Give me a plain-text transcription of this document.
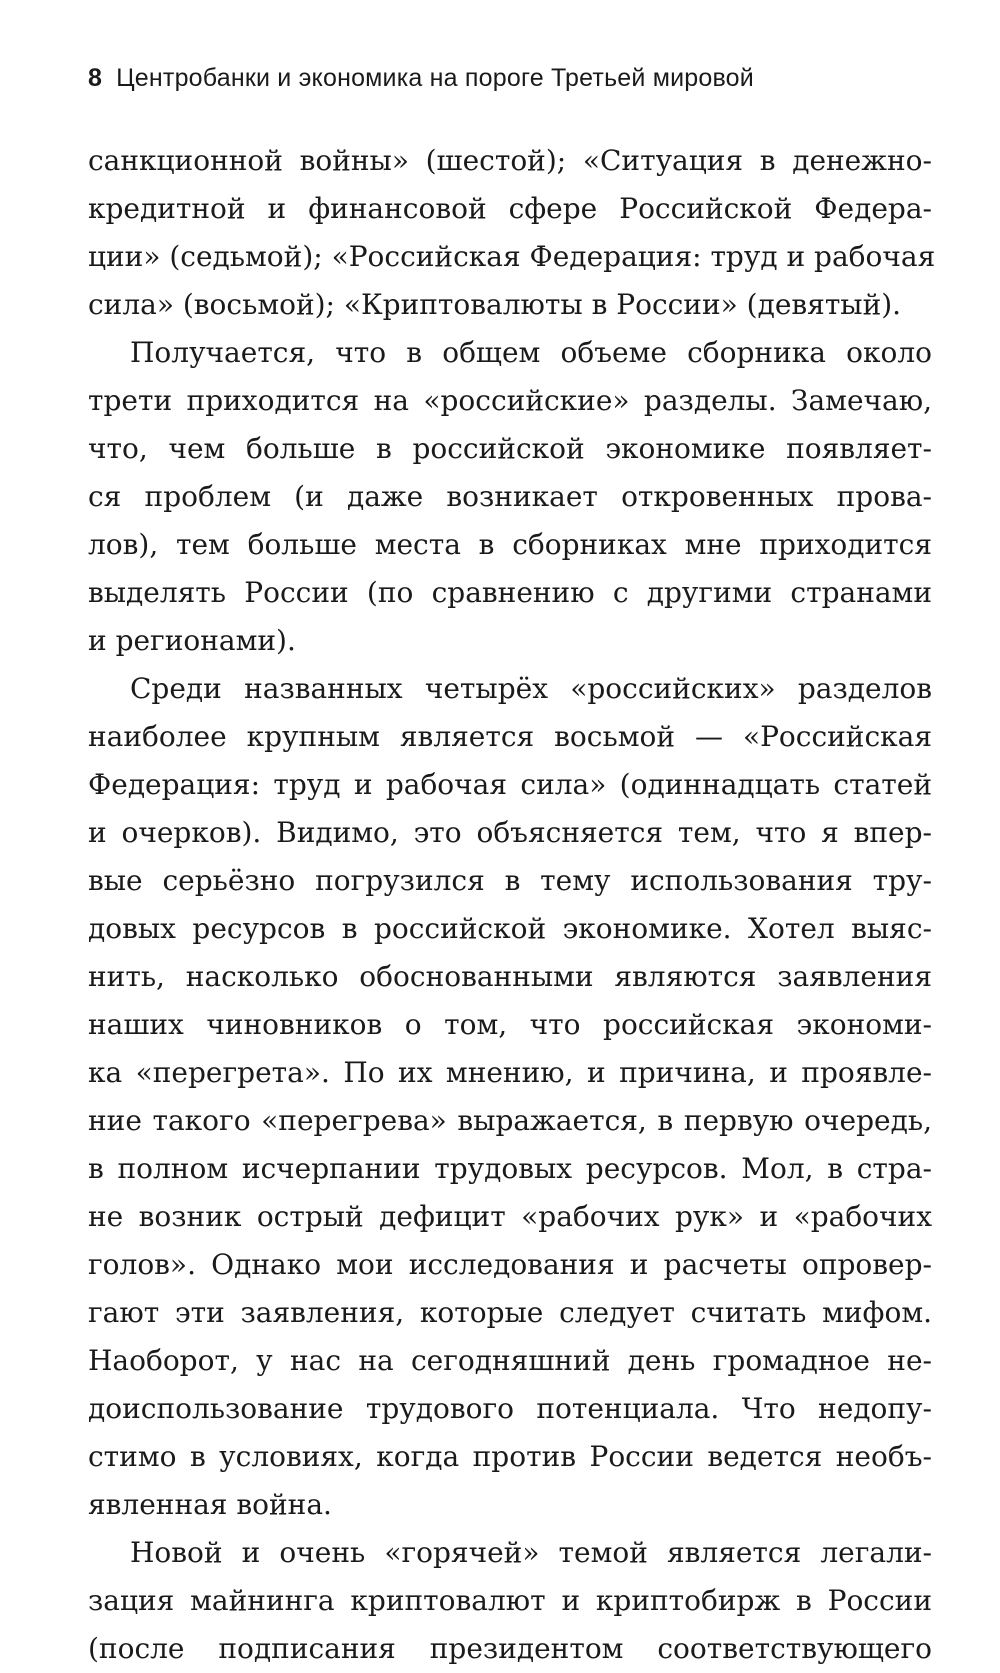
8 Центробанки и экономика на пороге Третьей мировой
санкционной войны» (шестой); «Ситуация в денежно-
кредитной и финансовой сфере Российской Федера-
ции» (седьмой); «Российская Федерация: труд и рабочая
сила» (восьмой); «Криптовалюты в России» (девятый).
Получается, что в общем объеме сборника около
трети приходится на «российские» разделы. Замечаю,
что, чем больше в российской экономике появляет-
ся проблем (и даже возникает откровенных прова-
лов), тем больше места в сборниках мне приходится
выделять России (по сравнению с другими странами
и регионами).
Среди названных четырёх «российских» разделов
наиболее крупным является восьмой — «Российская
Федерация: труд и рабочая сила» (одиннадцать статей
и очерков). Видимо, это объясняется тем, что я впер-
вые серьёзно погрузился в тему использования тру-
довых ресурсов в российской экономике. Хотел выяс-
нить, насколько обоснованными являются заявления
наших чиновников о том, что российская экономи-
ка «перегрета». По их мнению, и причина, и проявле-
ние такого «перегрева» выражается, в первую очередь,
в полном исчерпании трудовых ресурсов. Мол, в стра-
не возник острый дефицит «рабочих рук» и «рабочих
голов». Однако мои исследования и расчеты опровер-
гают эти заявления, которые следует считать мифом.
Наоборот, у нас на сегодняшний день громадное не-
доиспользование трудового потенциала. Что недопу-
стимо в условиях, когда против России ведется необъ-
явленная война.
Новой и очень «горячей» темой является легали-
зация майнинга криптовалют и криптобирж в России
(после подписания президентом соответствующего
